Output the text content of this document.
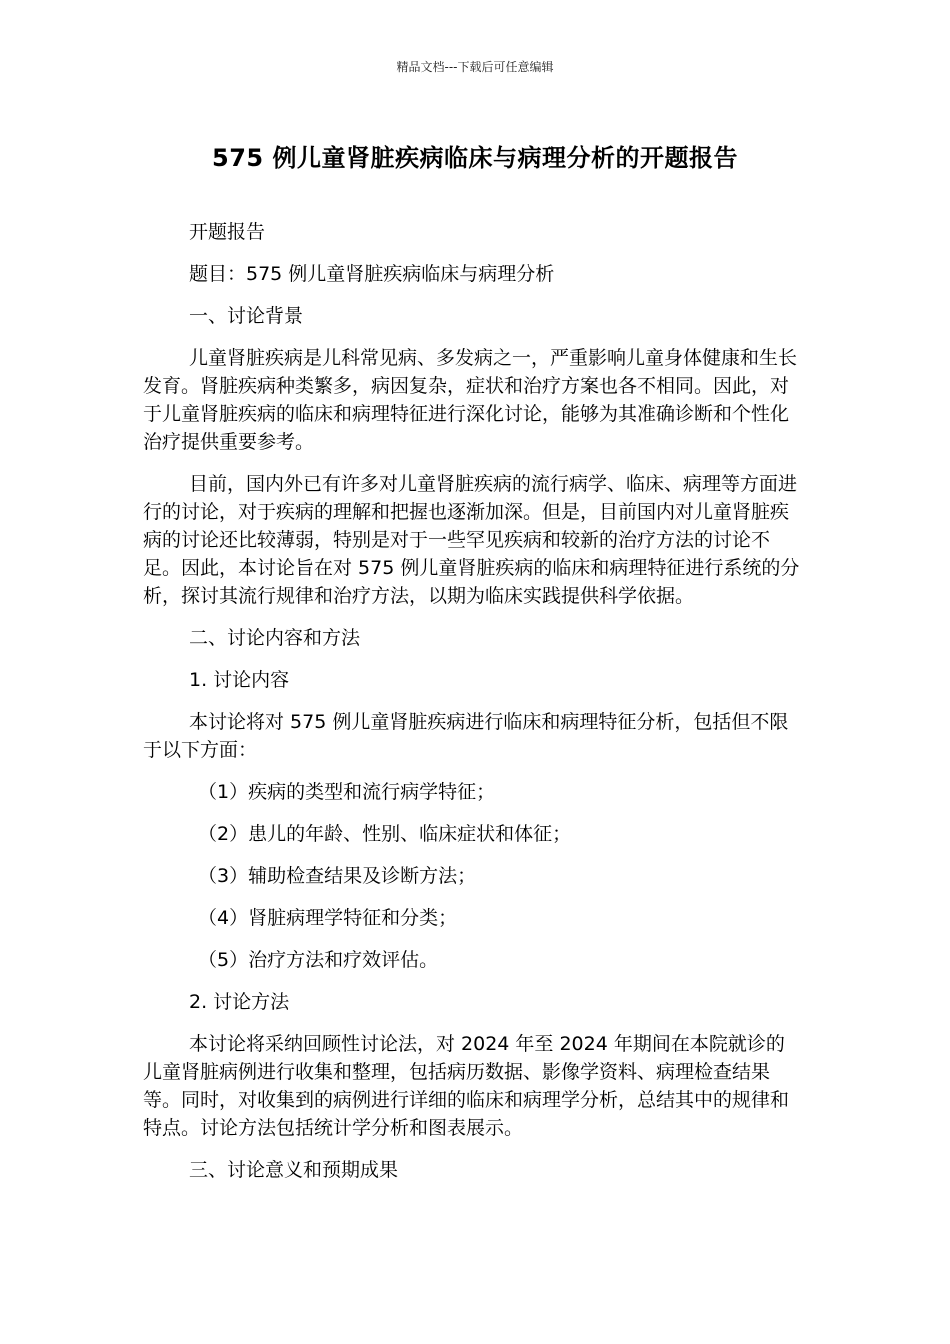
精品文档---下载后可任意编辑
575 例儿童肾脏疾病临床与病理分析的开题报告

开题报告

题目：575 例儿童肾脏疾病临床与病理分析

一、讨论背景

儿童肾脏疾病是儿科常见病、多发病之一，严重影响儿童身体健康和生长发育。肾脏疾病种类繁多，病因复杂，症状和治疗方案也各不相同。因此，对于儿童肾脏疾病的临床和病理特征进行深化讨论，能够为其准确诊断和个性化治疗提供重要参考。

目前，国内外已有许多对儿童肾脏疾病的流行病学、临床、病理等方面进行的讨论，对于疾病的理解和把握也逐渐加深。但是，目前国内对儿童肾脏疾病的讨论还比较薄弱，特别是对于一些罕见疾病和较新的治疗方法的讨论不足。因此，本讨论旨在对 575 例儿童肾脏疾病的临床和病理特征进行系统的分析，探讨其流行规律和治疗方法，以期为临床实践提供科学依据。

二、讨论内容和方法

1. 讨论内容

本讨论将对 575 例儿童肾脏疾病进行临床和病理特征分析，包括但不限于以下方面：

（1）疾病的类型和流行病学特征；

（2）患儿的年龄、性别、临床症状和体征；

（3）辅助检查结果及诊断方法；

（4）肾脏病理学特征和分类；

（5）治疗方法和疗效评估。

2. 讨论方法

本讨论将采纳回顾性讨论法，对 2024 年至 2024 年期间在本院就诊的儿童肾脏病例进行收集和整理，包括病历数据、影像学资料、病理检查结果等。同时，对收集到的病例进行详细的临床和病理学分析，总结其中的规律和特点。讨论方法包括统计学分析和图表展示。

三、讨论意义和预期成果
